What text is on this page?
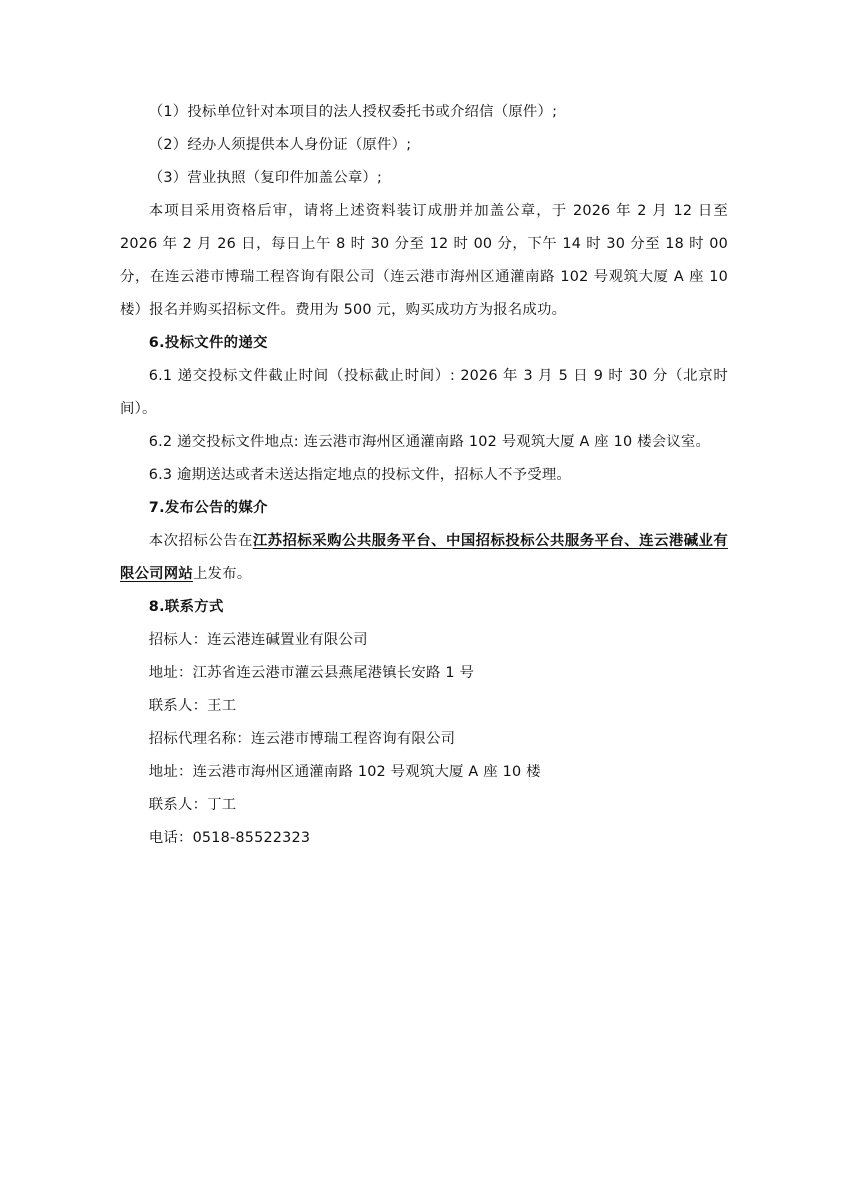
（1）投标单位针对本项目的法人授权委托书或介绍信（原件）;

（2）经办人须提供本人身份证（原件）;

（3）营业执照（复印件加盖公章）;

本项目采用资格后审，请将上述资料装订成册并加盖公章，于 2026 年 2 月 12 日至 2026 年 2 月 26 日，每日上午 8 时 30 分至 12 时 00 分，下午 14 时 30 分至 18 时 00 分，在连云港市博瑞工程咨询有限公司（连云港市海州区通灌南路 102 号观筑大厦 A 座 10 楼）报名并购买招标文件。费用为 500 元，购买成功方为报名成功。

6.投标文件的递交

6.1 递交投标文件截止时间（投标截止时间）: 2026 年 3 月 5 日 9 时 30 分（北京时间）。

6.2 递交投标文件地点: 连云港市海州区通灌南路 102 号观筑大厦 A 座 10 楼会议室。

6.3 逾期送达或者未送达指定地点的投标文件，招标人不予受理。

7.发布公告的媒介

本次招标公告在江苏招标采购公共服务平台、中国招标投标公共服务平台、连云港碱业有限公司网站上发布。

8.联系方式

招标人：连云港连碱置业有限公司

地址：江苏省连云港市灌云县燕尾港镇长安路 1 号

联系人：王工

招标代理名称：连云港市博瑞工程咨询有限公司

地址：连云港市海州区通灌南路 102 号观筑大厦 A 座 10 楼

联系人：丁工

电话：0518-85522323
